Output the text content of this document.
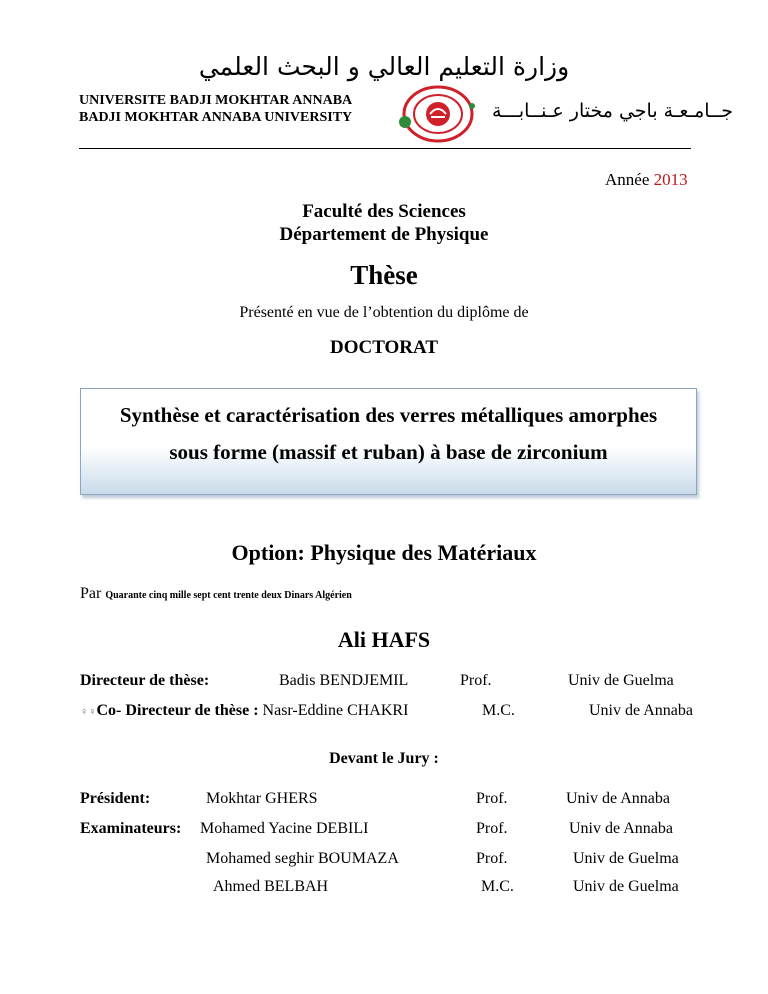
وزارة التعليم العالي و البحث العلمي
UNIVERSITE BADJI MOKHTAR ANNABA
BADJI MOKHTAR ANNABA UNIVERSITY	جــامـعـة باجي مختار عـنــابـــة
Année 2013
Faculté des Sciences
Département de Physique
Thèse
Présenté en vue de l’obtention du diplôme de
DOCTORAT
Synthèse et caractérisation des verres métalliques amorphes
sous forme (massif et ruban) à base de zirconium
Option: Physique des Matériaux
Par Quarante cinq mille sept cent trente deux Dinars Algérien
Ali HAFS
Directeur de thèse:	Badis BENDJEMIL	Prof.	Univ de Guelma
♀♀Co- Directeur de thèse : Nasr-Eddine CHAKRI	M.C.	Univ de Annaba
Devant le Jury :
Président:	Mokhtar GHERS	Prof.	Univ de Annaba
Examinateurs: Mohamed Yacine DEBILI	Prof.	Univ de Annaba
Mohamed seghir BOUMAZA	Prof.	Univ de Guelma
Ahmed BELBAH	M.C.	Univ de Guelma
